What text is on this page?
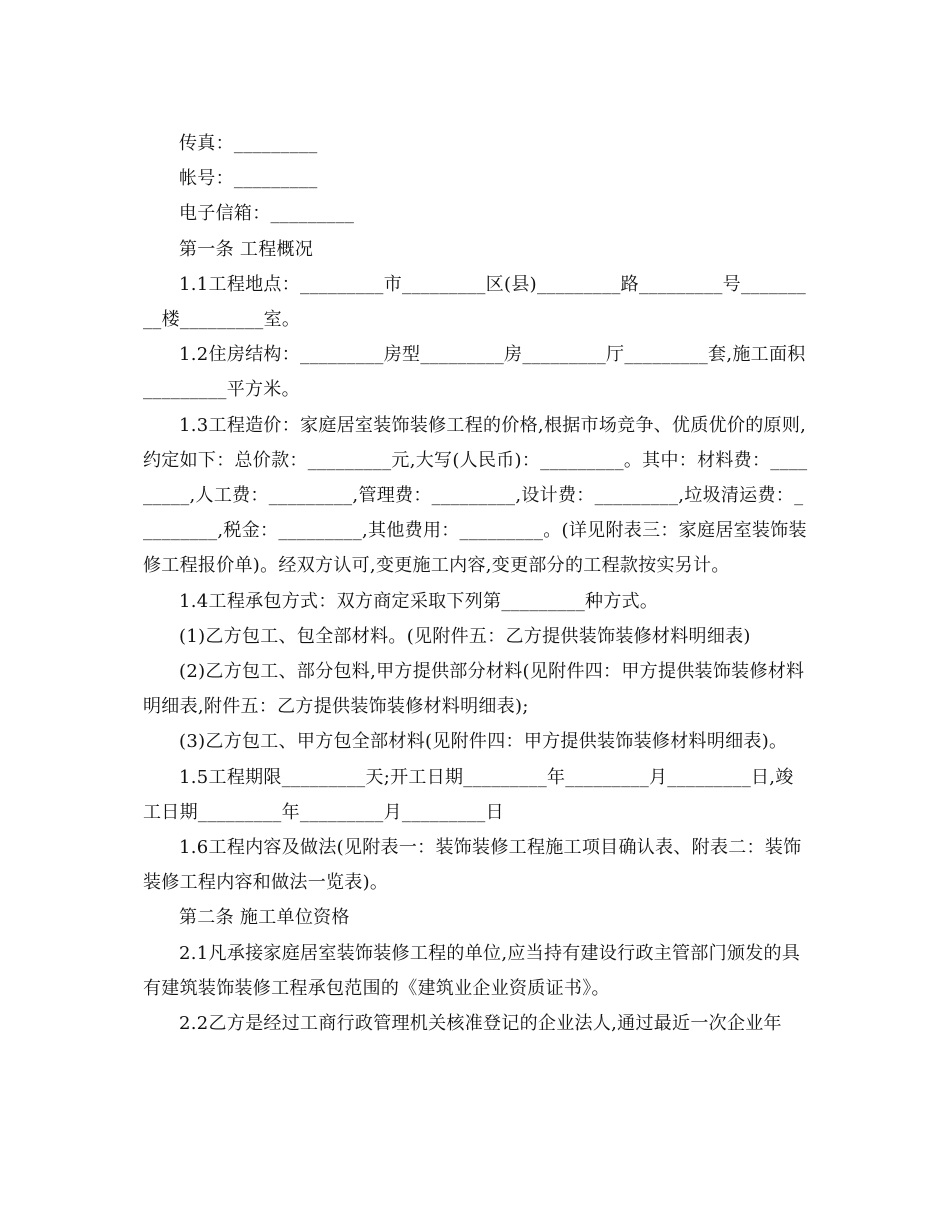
传真：_________

帐号：_________

电子信箱：_________

第一条 工程概况

1.1工程地点：_________市_________区(县)_________路_________号_________楼_________室。

1.2住房结构：_________房型_________房_________厅_________套,施工面积_________平方米。

1.3工程造价：家庭居室装饰装修工程的价格,根据市场竞争、优质优价的原则,约定如下：总价款：_________元,大写(人民币)：_________。其中：材料费：_________,人工费：_________,管理费：_________,设计费：_________,垃圾清运费：_________,税金：_________,其他费用：_________。(详见附表三：家庭居室装饰装修工程报价单)。经双方认可,变更施工内容,变更部分的工程款按实另计。

1.4工程承包方式：双方商定采取下列第_________种方式。

(1)乙方包工、包全部材料。(见附件五：乙方提供装饰装修材料明细表)

(2)乙方包工、部分包料,甲方提供部分材料(见附件四：甲方提供装饰装修材料明细表,附件五：乙方提供装饰装修材料明细表);

(3)乙方包工、甲方包全部材料(见附件四：甲方提供装饰装修材料明细表)。

1.5工程期限_________天;开工日期_________年_________月_________日,竣工日期_________年_________月_________日

1.6工程内容及做法(见附表一：装饰装修工程施工项目确认表、附表二：装饰装修工程内容和做法一览表)。

第二条 施工单位资格

2.1凡承接家庭居室装饰装修工程的单位,应当持有建设行政主管部门颁发的具有建筑装饰装修工程承包范围的《建筑业企业资质证书》。

2.2乙方是经过工商行政管理机关核准登记的企业法人,通过最近一次企业年
